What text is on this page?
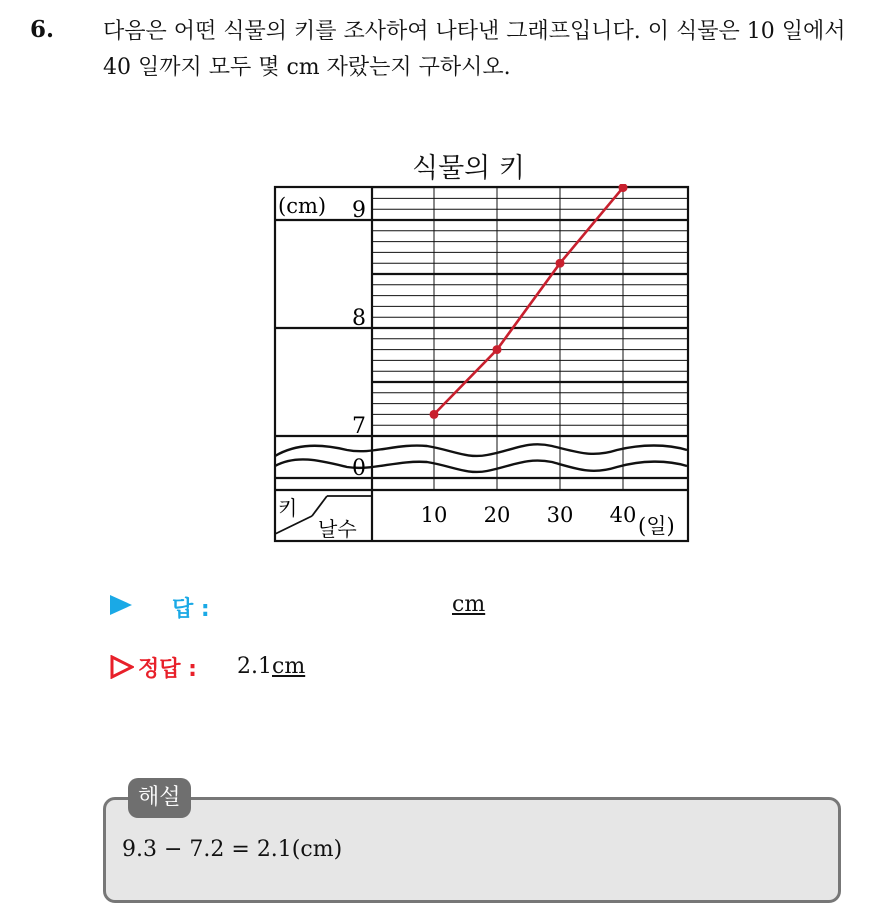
6. 다음은 어떤 식물의 키를 조사하여 나타낸 그래프입니다. 이 식물은 10 일에서 40 일까지 모두 몇 cm 자랐는지 구하시오.
식물의 키
(cm)
키
날수	(일)
9
8
7
0
10 20 30 40
답 :	cm
정답 : 2.1cm
해설
9.3 − 7.2 = 2.1(cm)
